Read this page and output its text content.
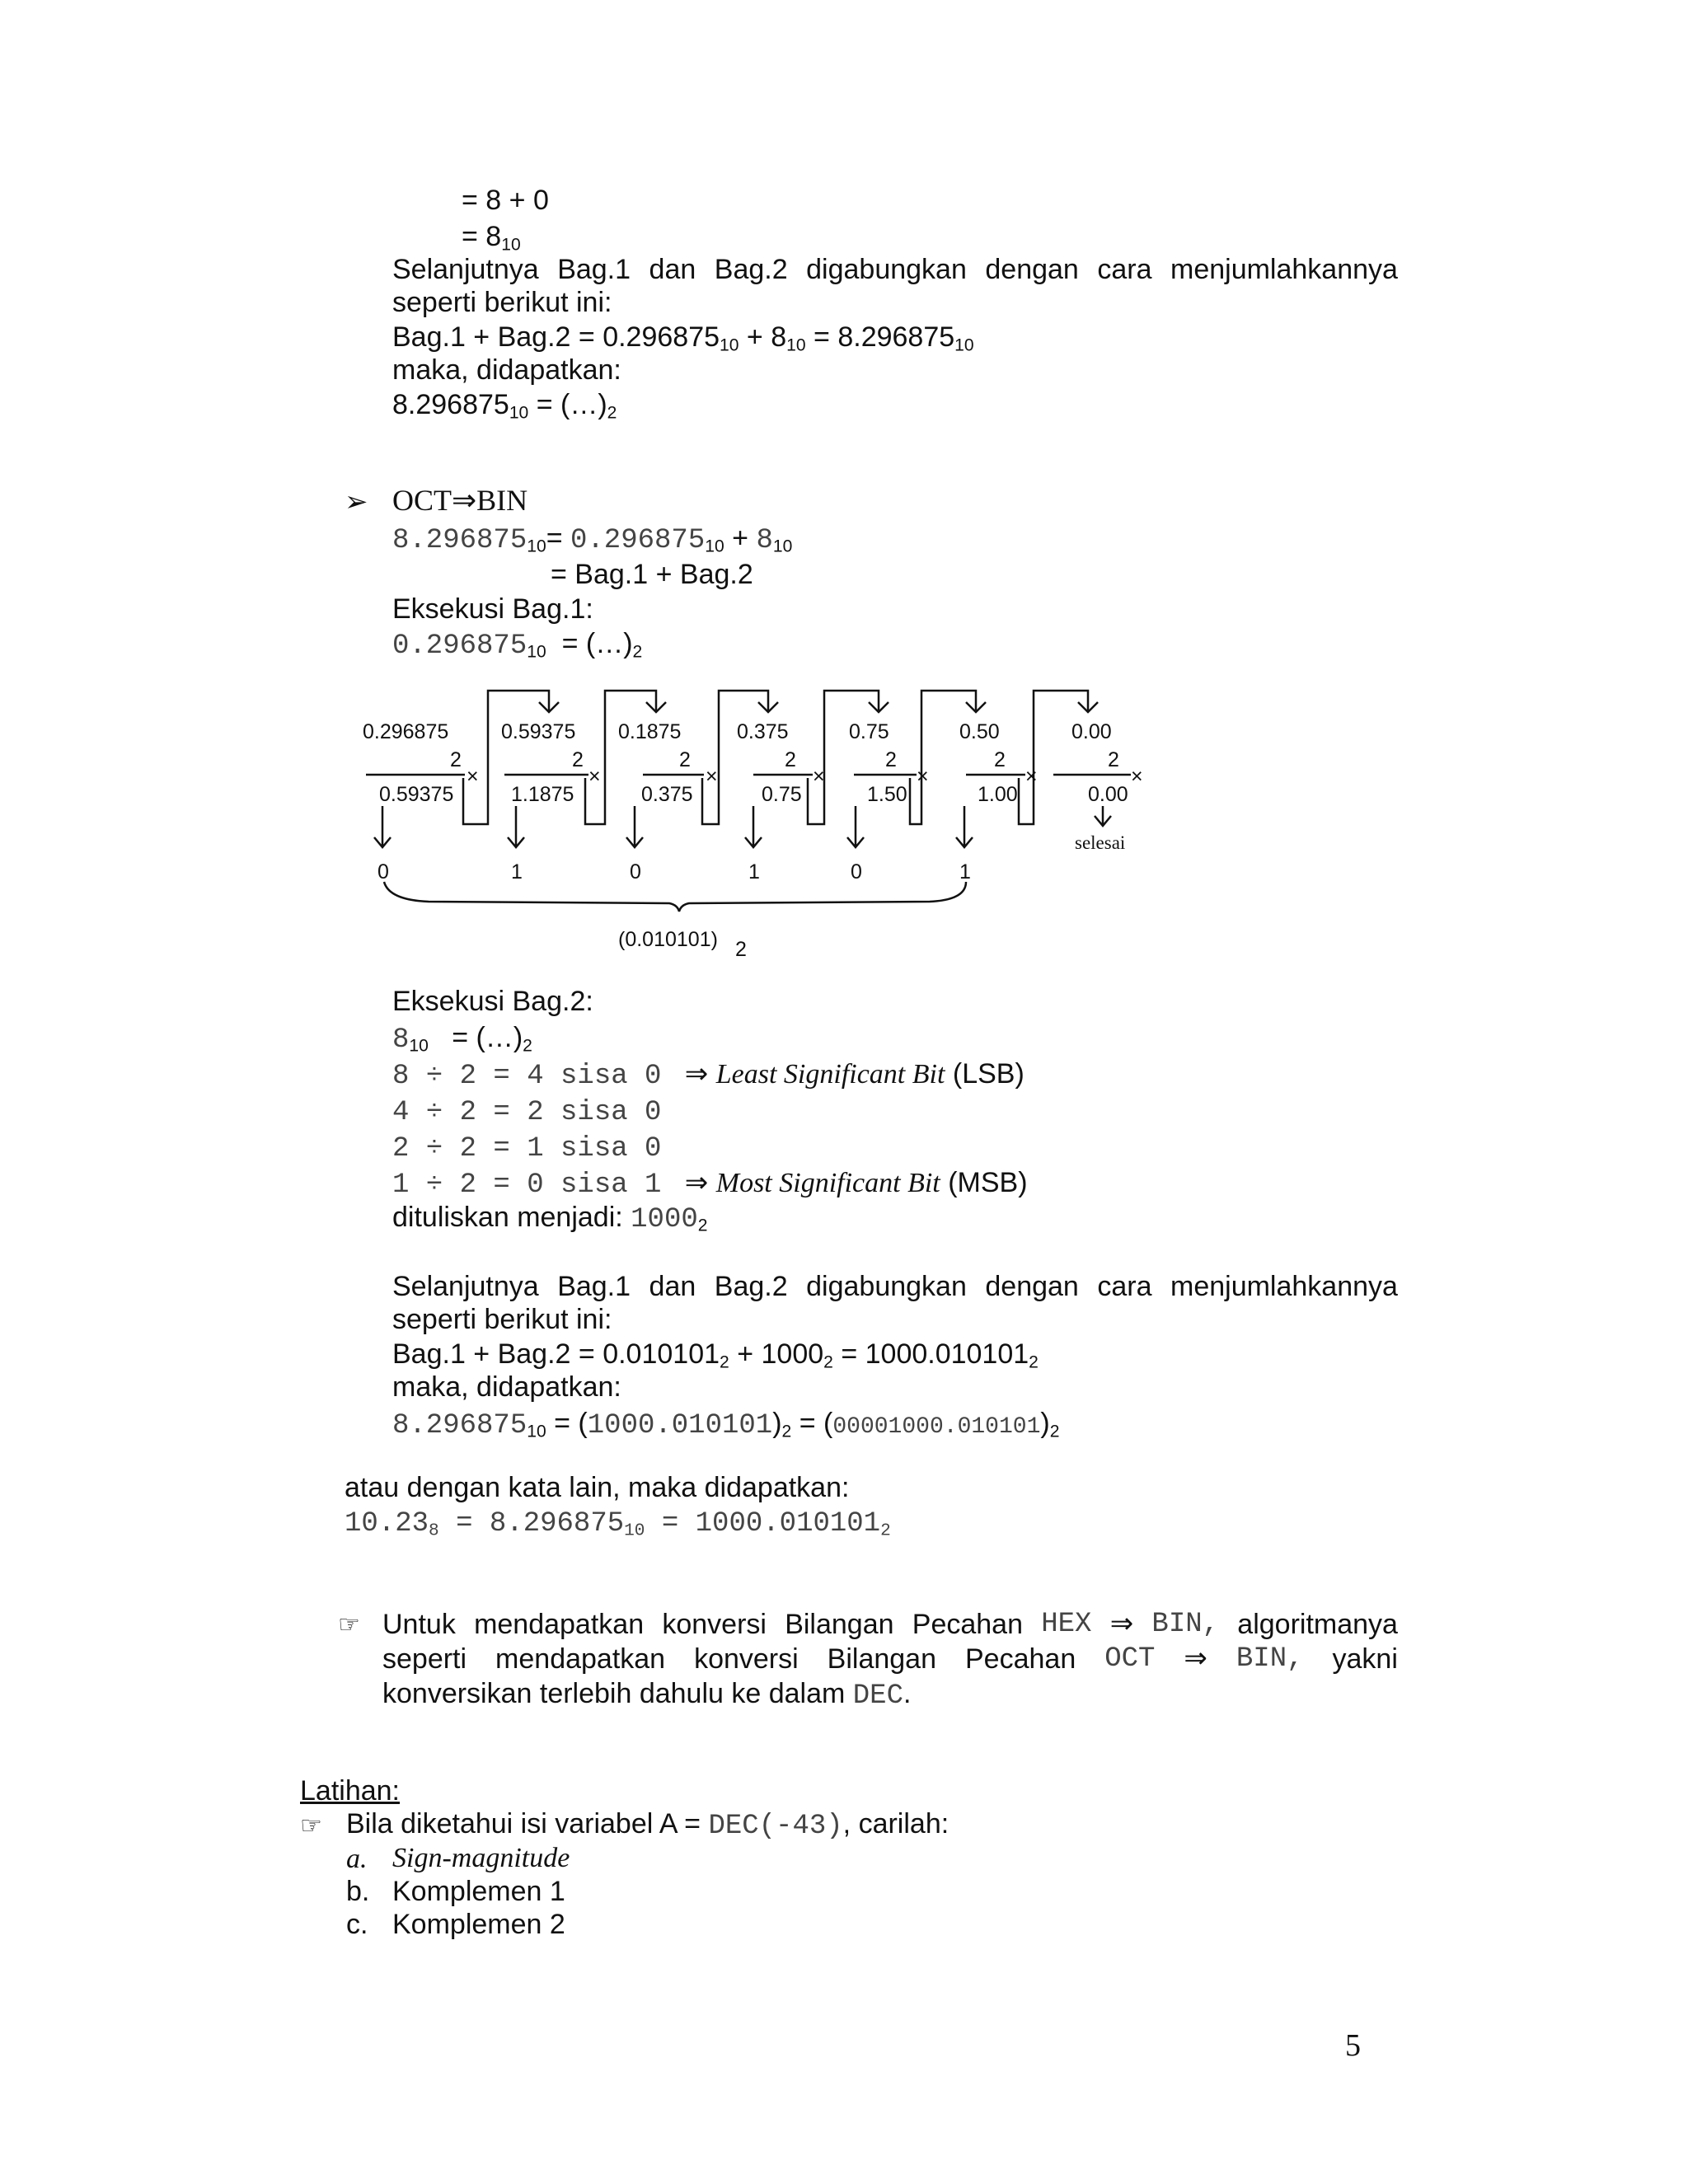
= 8 + 0
= $8_{10}$
Selanjutnya Bag.1 dan Bag.2 digabungkan dengan cara menjumlahkannya
seperti berikut ini:
$Bag.1 + Bag.2 = 0.296875_{10} + 8_{10} = 8.296875_{10}$
maka, didapatkan:
$8.296875_{10}$ = $(\dots)_2$
➢ OCT⇒BIN
$8.296875_{10}= 0.296875_{10} + 8_{10}$
= Bag.1 + Bag.2
Eksekusi Bag.1:
$0.296875_{10}$ = $(\dots)_2$
0.296875	0.59375 0.1875	0.375	0.75	0.50	0.00
2	2	2	2	2	2	2
×	×	×	×	×	×	×
0.59375	1.1875	0.375	0.75	1.50	1.00	0.00
0	1	0	1	0	1
selesai
(0.010101) 2
Eksekusi Bag.2:
$8_{10}$ = $(\dots)_2$
8 ÷ 2 = 4 sisa 0 ⇒ Least Significant Bit (LSB)
4 ÷ 2 = 2 sisa 0
2 ÷ 2 = 1 sisa 0
1 ÷ 2 = 0 sisa 1 ⇒ Most Significant Bit (MSB)
dituliskan menjadi: $1000_2$
Selanjutnya Bag.1 dan Bag.2 digabungkan dengan cara menjumlahkannya
seperti berikut ini:
$Bag.1 + Bag.2 = 0.010101_2 + 1000_2 = 1000.010101_2$
maka, didapatkan:
$8.296875_{10} = (1000.010101)_2 = (00001000.010101)_2$
atau dengan kata lain, maka didapatkan:
$10.23_8 = 8.296875_{10} = 1000.010101_2$
☞ Untuk mendapatkan konversi Bilangan Pecahan HEX ⇒ BIN, algoritmanya
seperti mendapatkan konversi Bilangan Pecahan OCT ⇒ BIN, yakni
konversikan terlebih dahulu ke dalam DEC.
Latihan:
☞ Bila diketahui isi variabel A = DEC(-43), carilah:
a. Sign-magnitude
b. Komplemen 1
c. Komplemen 2
5
